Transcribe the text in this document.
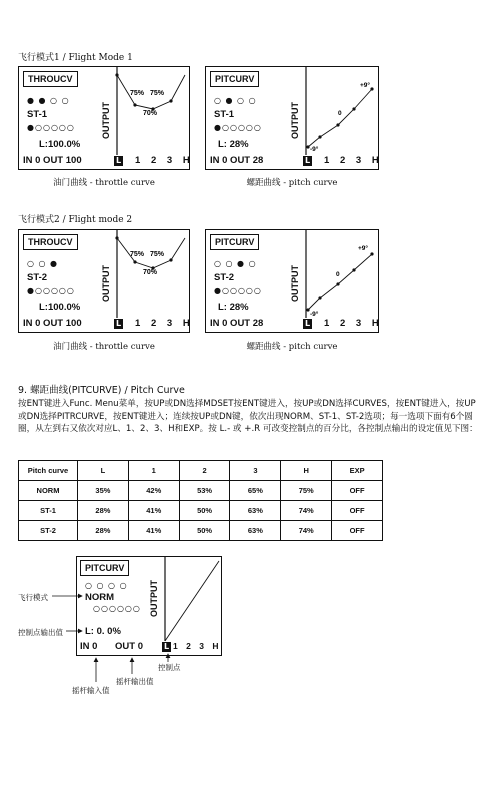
飞行模式1 / Flight Mode 1
THROUCV
● ● ○ ○
ST-1
●○○○○○
L:100.0%
IN 0 OUT 100
OUTPUT
75% 75%
70%
L 1 2 3 H
PITCURV
○ ● ○ ○
ST-1
●○○○○○
L: 28%
IN 0 OUT 28
OUTPUT
+9°
0
-9°
L 1 2 3 H
油门曲线 - throttle curve	螺距曲线 - pitch curve
飞行模式2 / Flight mode 2
THROUCV
○ ○ ●
ST-2
●○○○○○
L:100.0%
IN 0 OUT 100
OUTPUT
75% 75%
70%
L 1 2 3 H
PITCURV
○ ○ ● ○
ST-2
●○○○○○
L: 28%
IN 0 OUT 28
OUTPUT
+9°
0
-9°
L 1 2 3 H
油门曲线 - throttle curve	螺距曲线 - pitch curve
9. 螺距曲线(PITCURVE) / Pitch Curve
按ENT键进入Func. Menu菜单，按UP或DN选择MDSET按ENT键进入，按UP或DN选择CURVES，按ENT键进入，按UP或DN选择PITRCURVE，按ENT键进入；连续按UP或DN键，依次出现NORM、ST-1、ST-2选项；每一选项下面有6个圆圈，从左到右又依次对应L、1、2、3、H和EXP。按 L.- 或 +.R 可改变控制点的百分比，各控制点输出的设定值见下图：
Pitch curve	L	1	2	3	H	EXP
NORM	35%	42%	53%	65%	75%	OFF
ST-1	28%	41%	50%	63%	74%	OFF
ST-2	28%	41%	50%	63%	74%	OFF
PITCURV
○ ○ ○ ○
NORM
○○○○○○
L: 0. 0%
IN 0 OUT 0
OUTPUT
L 1 2 3 H
飞行模式
控制点输出值
控制点
摇杆输出值
摇杆输入值
